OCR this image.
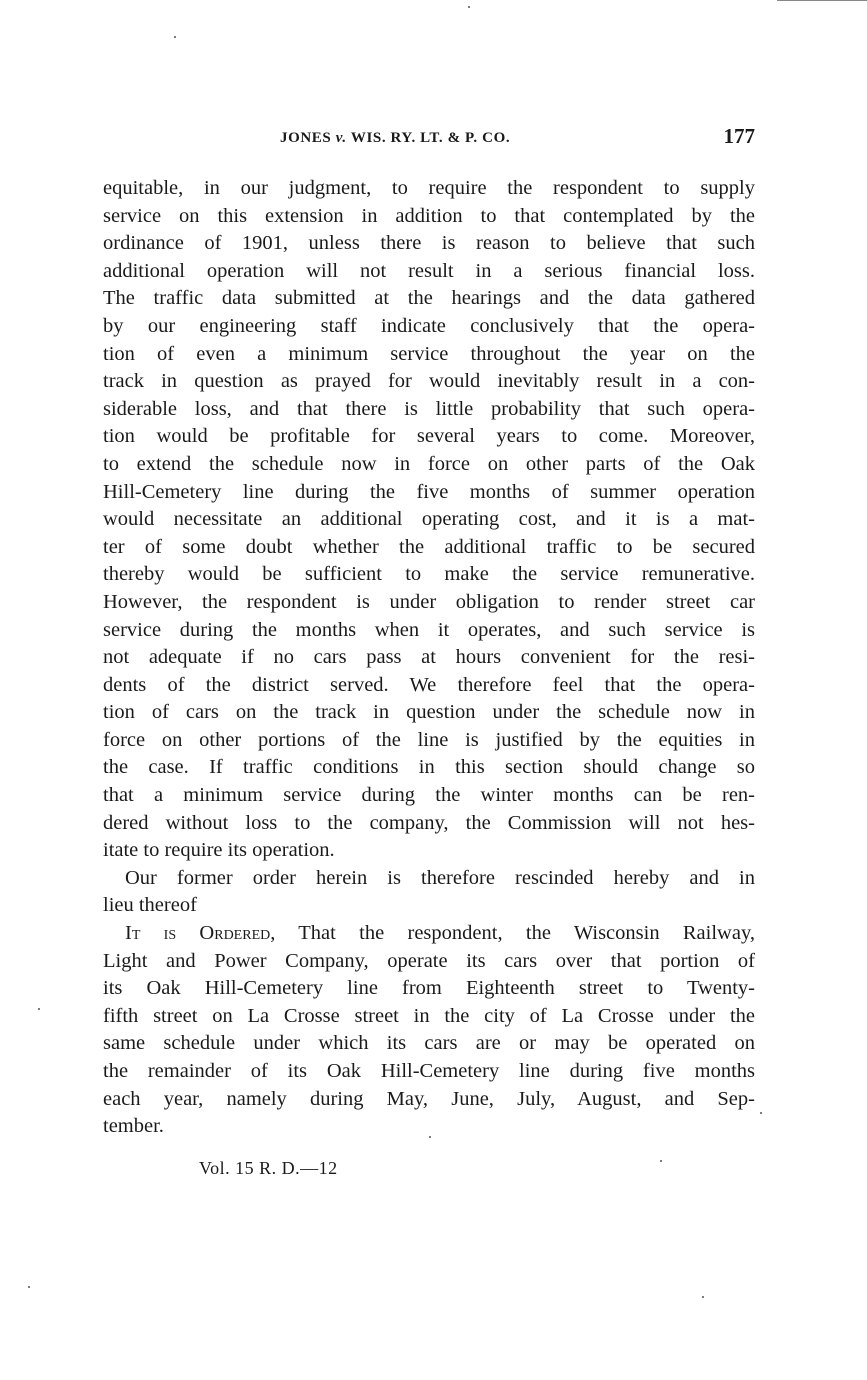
JONES v. WIS. RY. LT. & P. CO.	177
equitable, in our judgment, to require the respondent to supply
service on this extension in addition to that contemplated by the
ordinance of 1901, unless there is reason to believe that such
additional operation will not result in a serious financial loss.
The traffic data submitted at the hearings and the data gathered
by our engineering staff indicate conclusively that the opera-
tion of even a minimum service throughout the year on the
track in question as prayed for would inevitably result in a con-
siderable loss, and that there is little probability that such opera-
tion would be profitable for several years to come. Moreover,
to extend the schedule now in force on other parts of the Oak
Hill-Cemetery line during the five months of summer operation
would necessitate an additional operating cost, and it is a mat-
ter of some doubt whether the additional traffic to be secured
thereby would be sufficient to make the service remunerative.
However, the respondent is under obligation to render street car
service during the months when it operates, and such service is
not adequate if no cars pass at hours convenient for the resi-
dents of the district served. We therefore feel that the opera-
tion of cars on the track in question under the schedule now in
force on other portions of the line is justified by the equities in
the case. If traffic conditions in this section should change so
that a minimum service during the winter months can be ren-
dered without loss to the company, the Commission will not hes-
itate to require its operation.
Our former order herein is therefore rescinded hereby and in
lieu thereof
It is Ordered, That the respondent, the Wisconsin Railway,
Light and Power Company, operate its cars over that portion of
its Oak Hill-Cemetery line from Eighteenth street to Twenty-
fifth street on La Crosse street in the city of La Crosse under the
same schedule under which its cars are or may be operated on
the remainder of its Oak Hill-Cemetery line during five months
each year, namely during May, June, July, August, and Sep-
tember.
Vol. 15 R. D.—12
